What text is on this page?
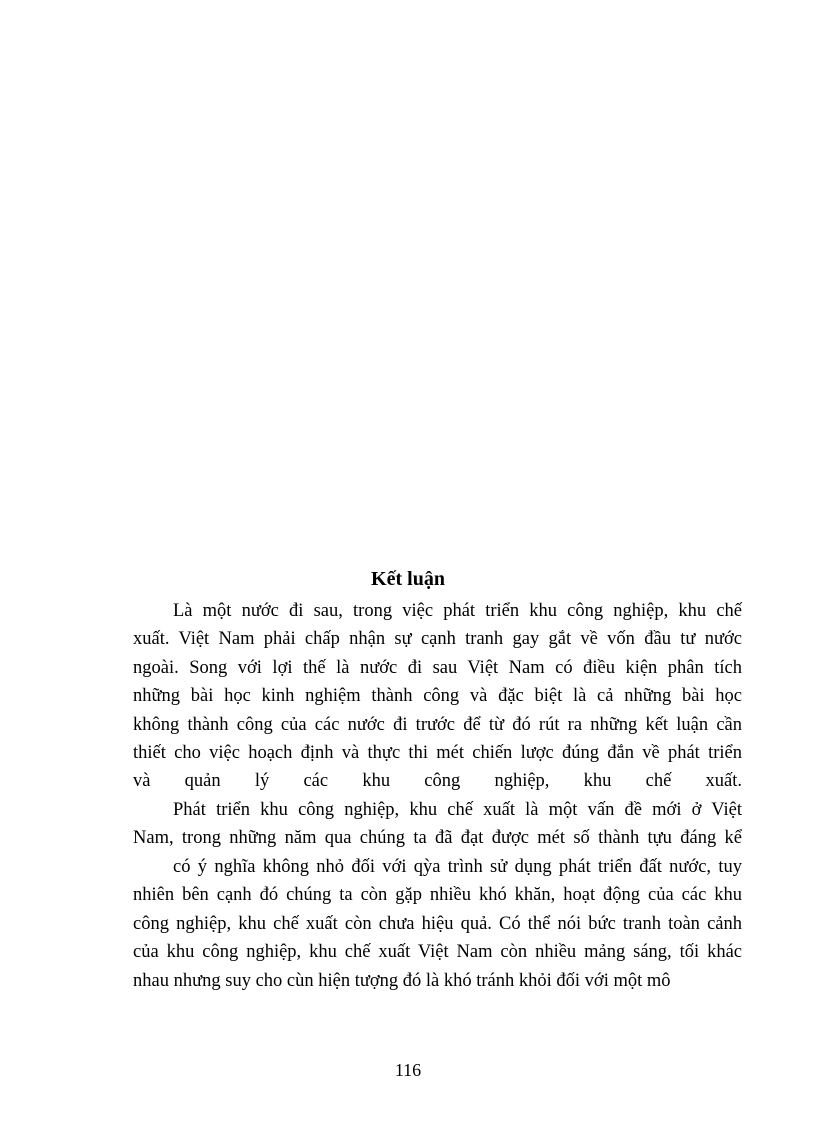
Kết luận

Là một nước đi sau, trong việc phát triển khu công nghiệp, khu chế
xuất. Việt Nam phải chấp nhận sự cạnh tranh gay gắt về vốn đầu tư nước
ngoài. Song với lợi thế là nước đi sau Việt Nam có điều kiện phân tích
những bài học kinh nghiệm thành công và đặc biệt là cả những bài học
không thành công của các nước đi trước để từ đó rút ra những kết luận cần
thiết cho việc hoạch định và thực thi mét chiến lược đúng đắn về phát triển
và quản lý các khu công nghiệp, khu chế xuất.

Phát triển khu công nghiệp, khu chế xuất là một vấn đề mới ở Việt
Nam, trong những năm qua chúng ta đã đạt được mét số thành tựu đáng kể

có ý nghĩa không nhỏ đối với qỳa trình sử dụng phát triển đất nước, tuy
nhiên bên cạnh đó chúng ta còn gặp nhiều khó khăn, hoạt động của các khu
công nghiệp, khu chế xuất còn chưa hiệu quả. Có thể nói bức tranh toàn cảnh
của khu công nghiệp, khu chế xuất Việt Nam còn nhiều mảng sáng, tối khác
nhau nhưng suy cho cùn hiện tượng đó là khó tránh khỏi đối với một mô

116
